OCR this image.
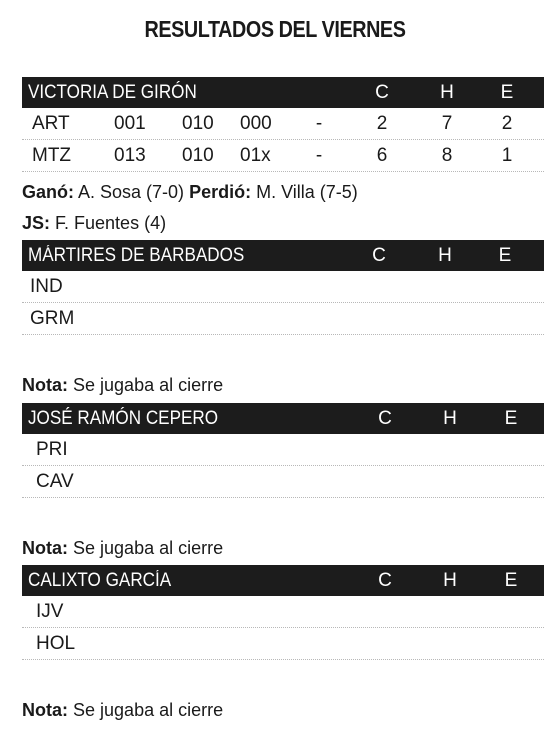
RESULTADOS DEL VIERNES
VICTORIA DE GIRÓN	C	H	E
ART 001	010	000	-	2	7	2
MTZ 013	010	01x	-	6	8	1
Ganó: A. Sosa (7-0) Perdió: M. Villa (7-5)
JS: F. Fuentes (4)
MÁRTIRES DE BARBADOS	C	H	E
IND
GRM
Nota: Se jugaba al cierre
JOSÉ RAMÓN CEPERO	C	H	E
PRI
CAV
Nota: Se jugaba al cierre
CALIXTO GARCÍA	C	H	E
IJV
HOL
Nota: Se jugaba al cierre
